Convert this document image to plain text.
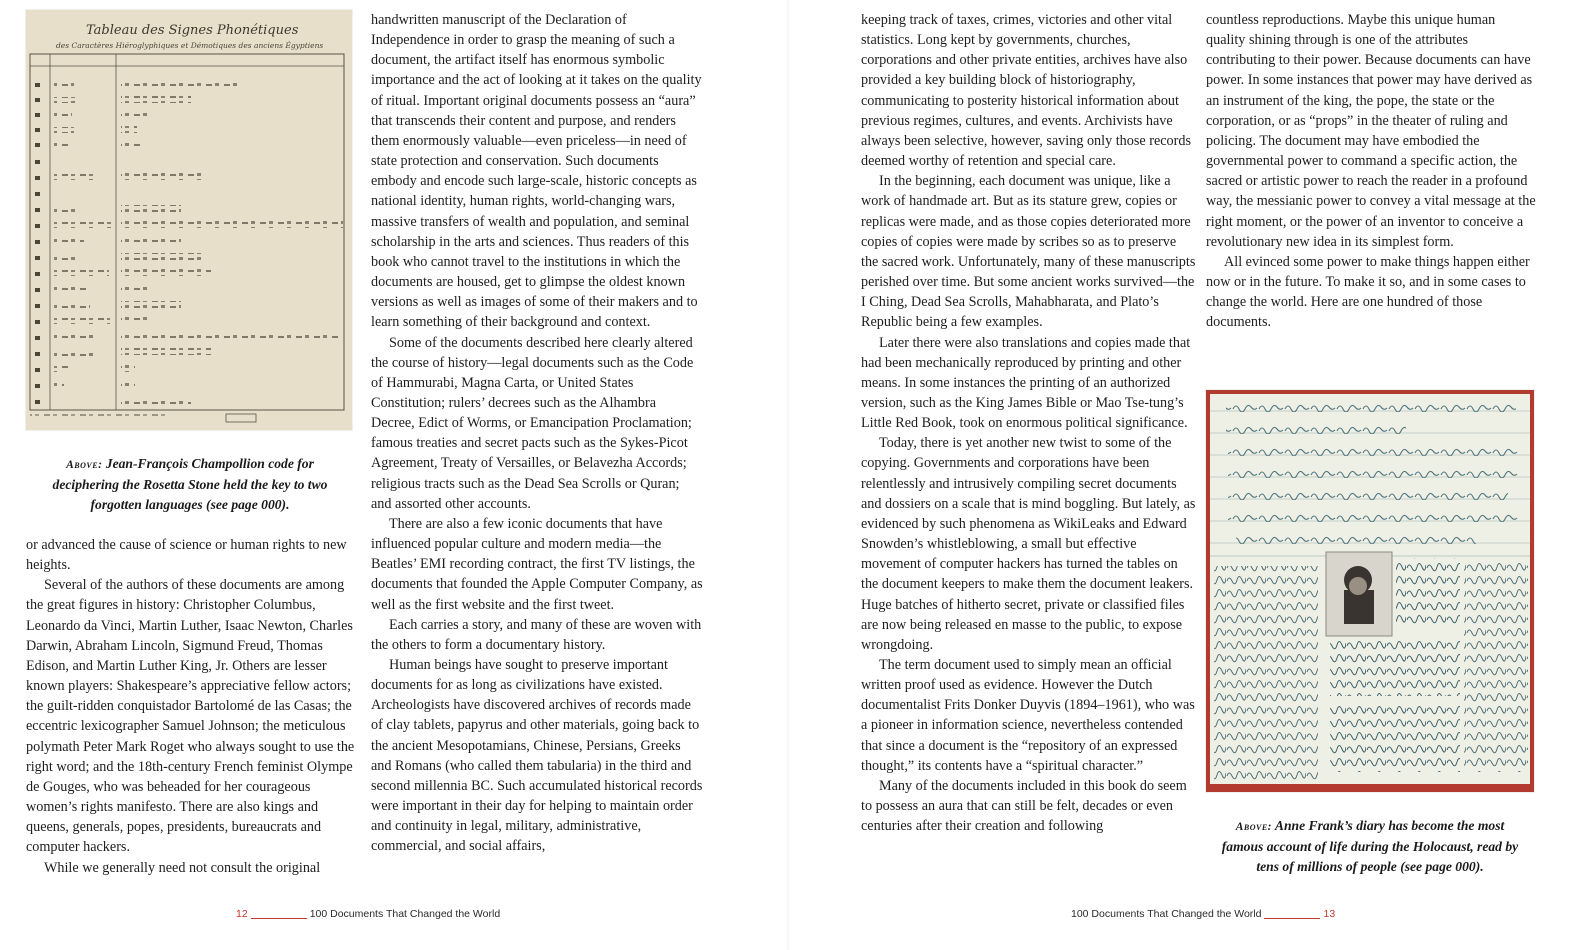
Tableau des Signes Phonétiques
des Caractères Hiéroglyphiques et Démotiques des anciens Égyptiens
Above: Jean-François Champollion code for deciphering the Rosetta Stone held the key to two forgotten languages (see page 000).

or advanced the cause of science or human rights to new heights.

Several of the authors of these documents are among the great figures in history: Christopher Columbus, Leonardo da Vinci, Martin Luther, Isaac Newton, Charles Darwin, Abraham Lincoln, Sigmund Freud, Thomas Edison, and Martin Luther King, Jr. Others are lesser known players: Shakespeare’s appreciative fellow actors; the guilt-ridden conquistador Bartolomé de las Casas; the eccentric lexicographer Samuel Johnson; the meticulous polymath Peter Mark Roget who always sought to use the right word; and the 18th-century French feminist Olympe de Gouges, who was beheaded for her courageous women’s rights manifesto. There are also kings and queens, generals, popes, presidents, bureaucrats and computer hackers.

While we generally need not consult the original

handwritten manuscript of the Declaration of Independence in order to grasp the meaning of such a document, the artifact itself has enormous symbolic importance and the act of looking at it takes on the quality of ritual. Important original documents possess an “aura” that transcends their content and purpose, and renders them enormously valuable—even priceless—in need of state protection and conservation. Such documents embody and encode such large-scale, historic concepts as national identity, human rights, world-changing wars, massive transfers of wealth and population, and seminal scholarship in the arts and sciences. Thus readers of this book who cannot travel to the institutions in which the documents are housed, get to glimpse the oldest known versions as well as images of some of their makers and to learn something of their background and context.

Some of the documents described here clearly altered the course of history—legal documents such as the Code of Hammurabi, Magna Carta, or United States Constitution; rulers’ decrees such as the Alhambra Decree, Edict of Worms, or Emancipation Proclamation; famous treaties and secret pacts such as the Sykes-Picot Agreement, Treaty of Versailles, or Belavezha Accords; religious tracts such as the Dead Sea Scrolls or Quran; and assorted other accounts.

There are also a few iconic documents that have influenced popular culture and modern media—the Beatles’ EMI recording contract, the first TV listings, the documents that founded the Apple Computer Company, as well as the first website and the first tweet.

Each carries a story, and many of these are woven with the others to form a documentary history.

Human beings have sought to preserve important documents for as long as civilizations have existed. Archeologists have discovered archives of records made of clay tablets, papyrus and other materials, going back to the ancient Mesopotamians, Chinese, Persians, Greeks and Romans (who called them tabularia) in the third and second millennia BC. Such accumulated historical records were important in their day for helping to maintain order and continuity in legal, military, administrative, commercial, and social affairs,

12	100 Documents That Changed the World

keeping track of taxes, crimes, victories and other vital statistics. Long kept by governments, churches, corporations and other private entities, archives have also provided a key building block of historiography, communicating to posterity historical information about previous regimes, cultures, and events. Archivists have always been selective, however, saving only those records deemed worthy of retention and special care.

In the beginning, each document was unique, like a work of handmade art. But as its stature grew, copies or replicas were made, and as those copies deteriorated more copies of copies were made by scribes so as to preserve the sacred work. Unfortunately, many of these manuscripts perished over time. But some ancient works survived—the I Ching, Dead Sea Scrolls, Mahabharata, and Plato’s Republic being a few examples.

Later there were also translations and copies made that had been mechanically reproduced by printing and other means. In some instances the printing of an authorized version, such as the King James Bible or Mao Tse-tung’s Little Red Book, took on enormous political significance.

Today, there is yet another new twist to some of the copying. Governments and corporations have been relentlessly and intrusively compiling secret documents and dossiers on a scale that is mind boggling. But lately, as evidenced by such phenomena as WikiLeaks and Edward Snowden’s whistleblowing, a small but effective movement of computer hackers has turned the tables on the document keepers to make them the document leakers. Huge batches of hitherto secret, private or classified files are now being released en masse to the public, to expose wrongdoing.

The term document used to simply mean an official written proof used as evidence. However the Dutch documentalist Frits Donker Duyvis (1894–1961), who was a pioneer in information science, nevertheless contended that since a document is the “repository of an expressed thought,” its contents have a “spiritual character.”

Many of the documents included in this book do seem to possess an aura that can still be felt, decades or even centuries after their creation and following

countless reproductions. Maybe this unique human quality shining through is one of the attributes contributing to their power. Because documents can have power. In some instances that power may have derived as an instrument of the king, the pope, the state or the corporation, or as “props” in the theater of ruling and policing. The document may have embodied the governmental power to command a specific action, the sacred or artistic power to reach the reader in a profound way, the messianic power to convey a vital message at the right moment, or the power of an inventor to conceive a revolutionary new idea in its simplest form.

All evinced some power to make things happen either now or in the future. To make it so, and in some cases to change the world. Here are one hundred of those documents.

Above: Anne Frank’s diary has become the most famous account of life during the Holocaust, read by tens of millions of people (see page 000).
100 Documents That Changed the World	13
